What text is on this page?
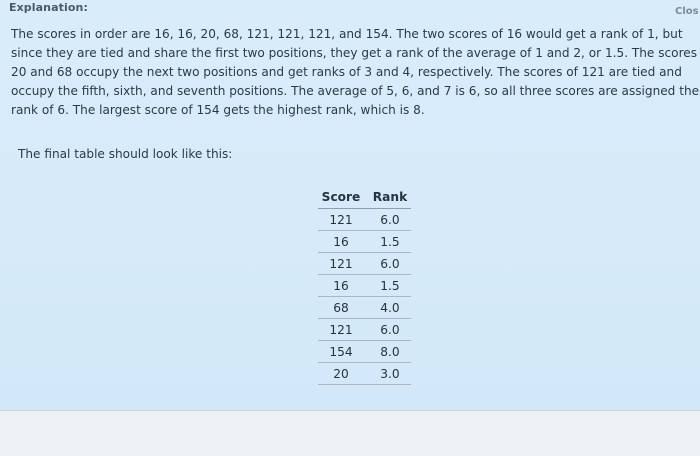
Explanation:	Clos
The scores in order are 16, 16, 20, 68, 121, 121, 121, and 154. The two scores of 16 would get a rank of 1, but
since they are tied and share the first two positions, they get a rank of the average of 1 and 2, or 1.5. The scores
20 and 68 occupy the next two positions and get ranks of 3 and 4, respectively. The scores of 121 are tied and
occupy the fifth, sixth, and seventh positions. The average of 5, 6, and 7 is 6, so all three scores are assigned the
rank of 6. The largest score of 154 gets the highest rank, which is 8.
The final table should look like this:
Score	Rank
121	6.0
16	1.5
121	6.0
16	1.5
68	4.0
121	6.0
154	8.0
20	3.0
